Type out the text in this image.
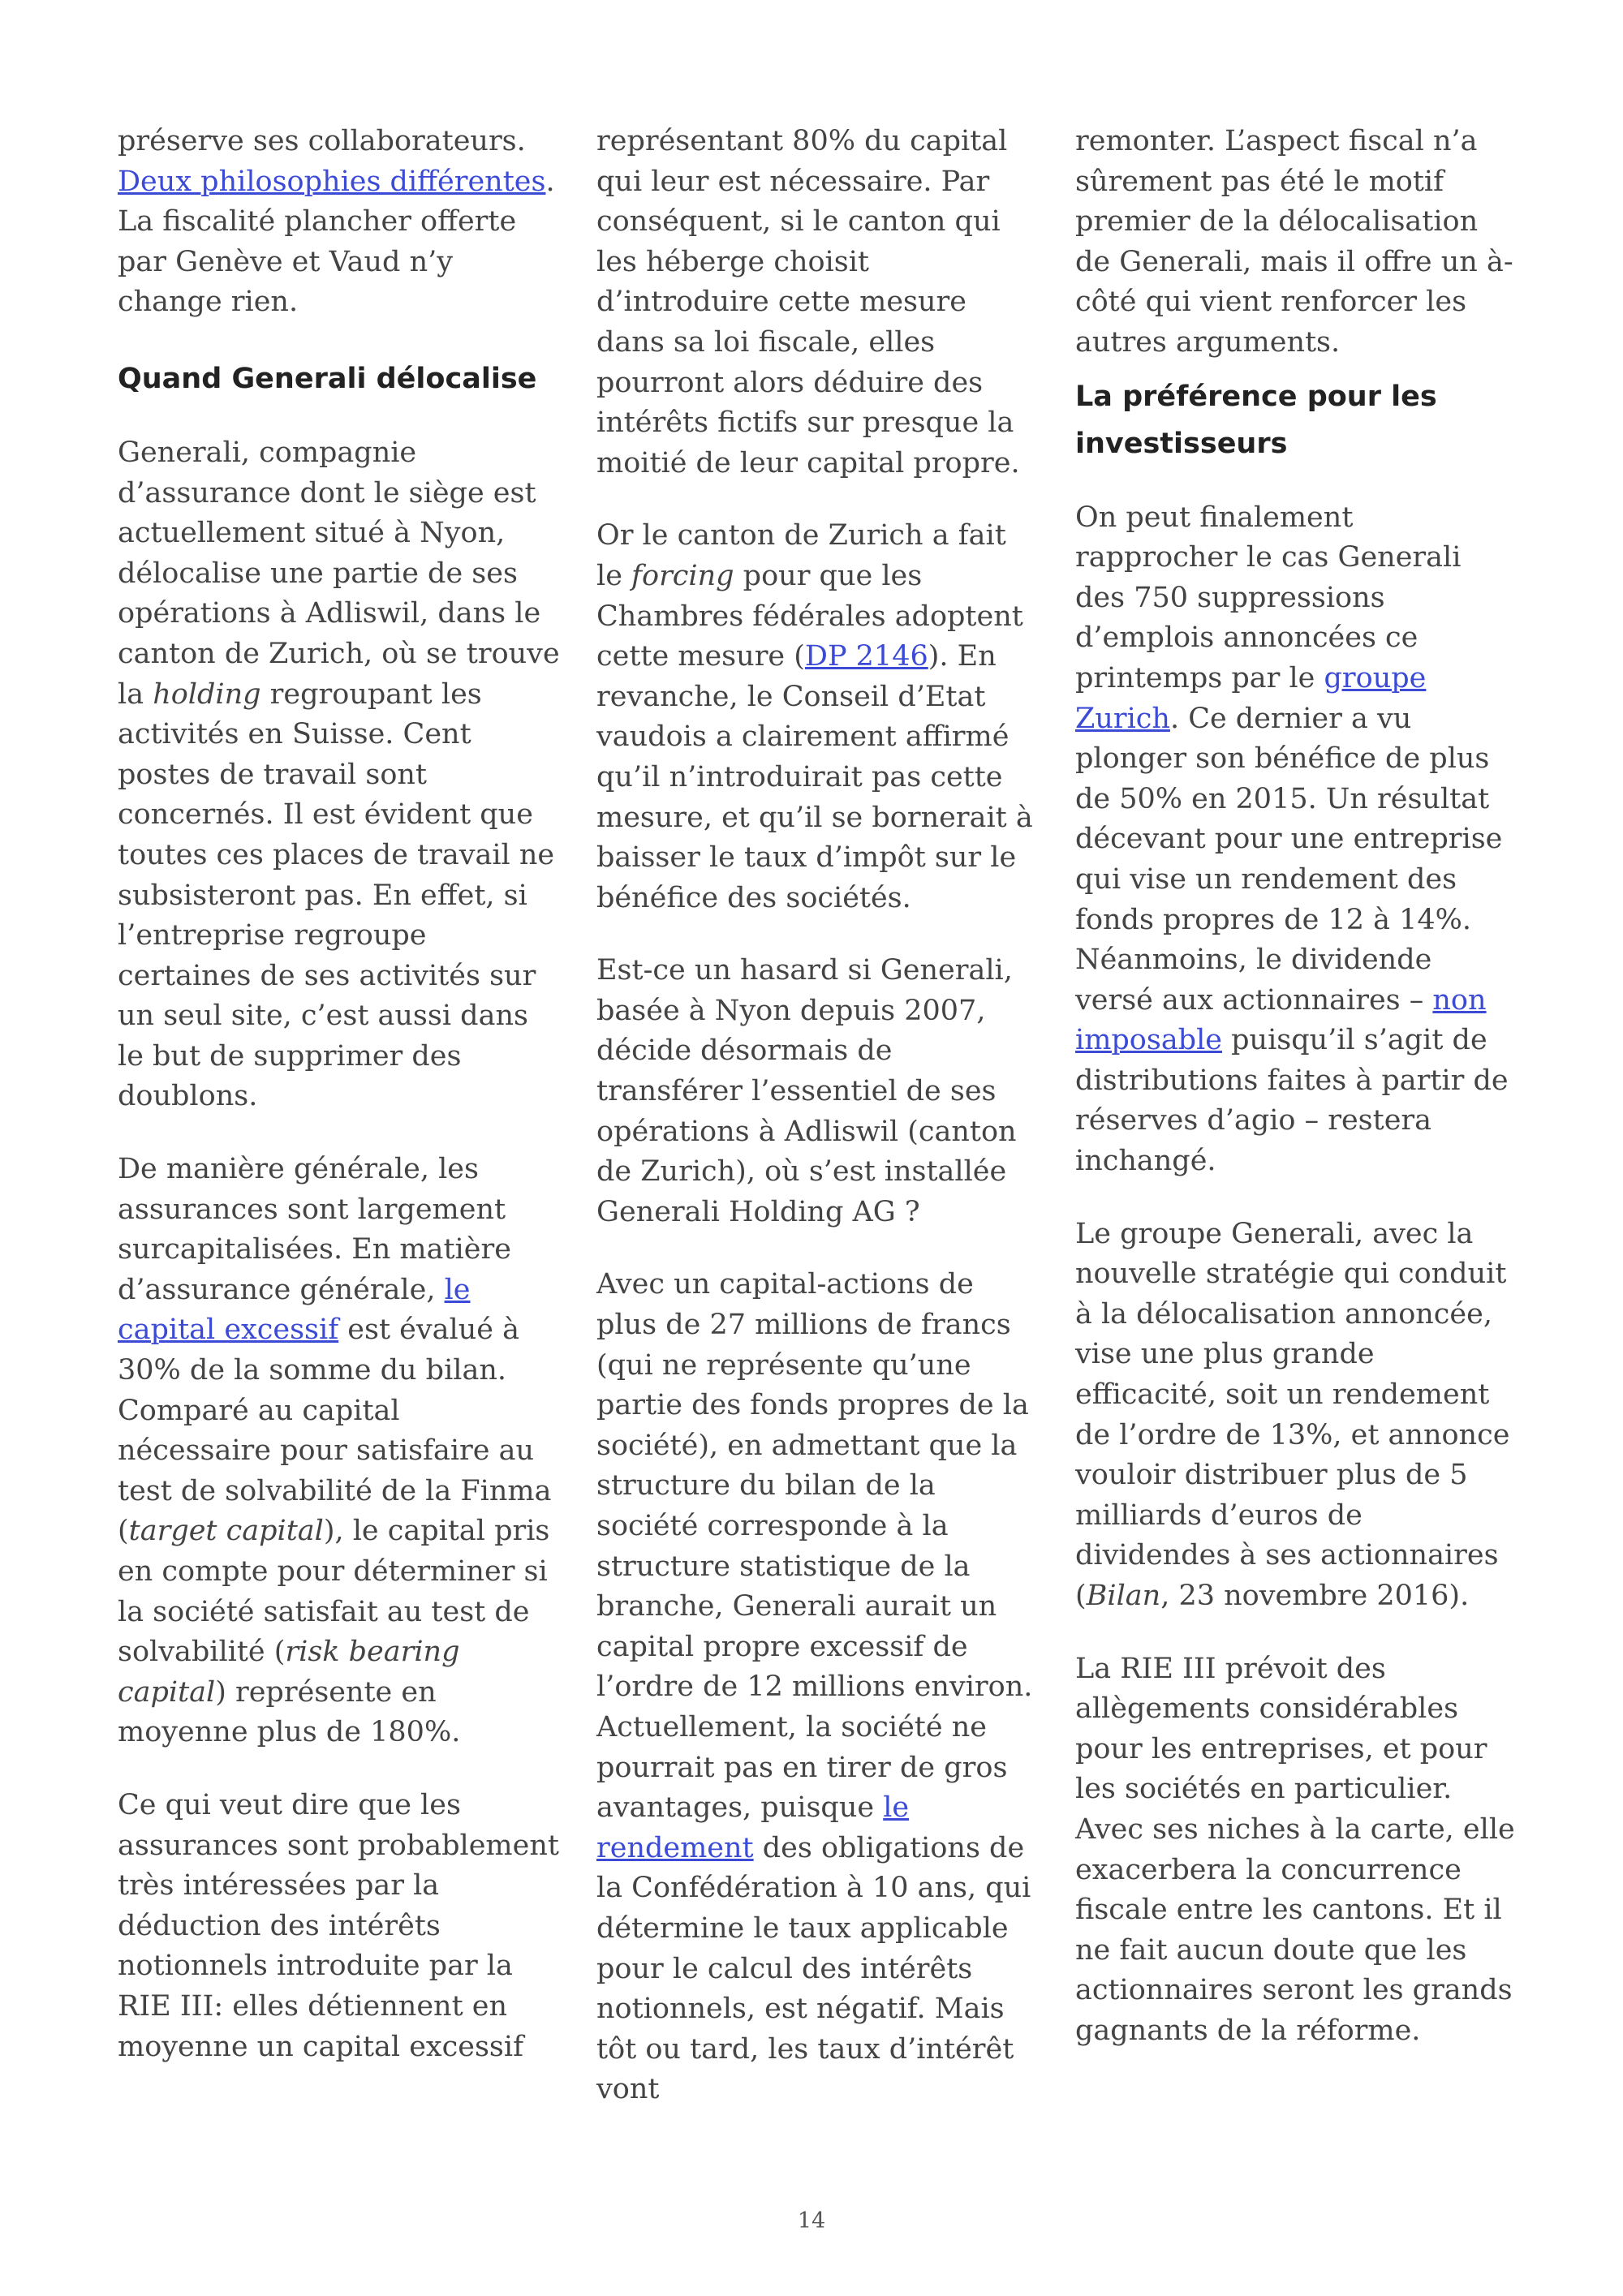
préserve ses collaborateurs. Deux philosophies différentes. La fiscalité plancher offerte par Genève et Vaud n’y change rien.

Quand Generali délocalise

Generali, compagnie d’assurance dont le siège est actuellement situé à Nyon, délocalise une partie de ses opérations à Adliswil, dans le canton de Zurich, où se trouve la holding regroupant les activités en Suisse. Cent postes de travail sont concernés. Il est évident que toutes ces places de travail ne subsisteront pas. En effet, si l’entreprise regroupe certaines de ses activités sur un seul site, c’est aussi dans le but de supprimer des doublons.

De manière générale, les assurances sont largement surcapitalisées. En matière d’assurance générale, le capital excessif est évalué à 30% de la somme du bilan. Comparé au capital nécessaire pour satisfaire au test de solvabilité de la Finma (target capital), le capital pris en compte pour déterminer si la société satisfait au test de solvabilité (risk bearing capital) représente en moyenne plus de 180%.

Ce qui veut dire que les assurances sont probablement très intéressées par la déduction des intérêts notionnels introduite par la RIE III: elles détiennent en moyenne un capital excessif

représentant 80% du capital qui leur est nécessaire. Par conséquent, si le canton qui les héberge choisit d’introduire cette mesure dans sa loi fiscale, elles pourront alors déduire des intérêts fictifs sur presque la moitié de leur capital propre.

Or le canton de Zurich a fait le forcing pour que les Chambres fédérales adoptent cette mesure (DP 2146). En revanche, le Conseil d’Etat vaudois a clairement affirmé qu’il n’introduirait pas cette mesure, et qu’il se bornerait à baisser le taux d’impôt sur le bénéfice des sociétés.

Est-ce un hasard si Generali, basée à Nyon depuis 2007, décide désormais de transférer l’essentiel de ses opérations à Adliswil (canton de Zurich), où s’est installée Generali Holding AG ?

Avec un capital-actions de plus de 27 millions de francs (qui ne représente qu’une partie des fonds propres de la société), en admettant que la structure du bilan de la société corresponde à la structure statistique de la branche, Generali aurait un capital propre excessif de l’ordre de 12 millions environ. Actuellement, la société ne pourrait pas en tirer de gros avantages, puisque le rendement des obligations de la Confédération à 10 ans, qui détermine le taux applicable pour le calcul des intérêts notionnels, est négatif. Mais tôt ou tard, les taux d’intérêt vont

remonter. L’aspect fiscal n’a sûrement pas été le motif premier de la délocalisation de Generali, mais il offre un à-côté qui vient renforcer les autres arguments.

La préférence pour les investisseurs

On peut finalement rapprocher le cas Generali des 750 suppressions d’emplois annoncées ce printemps par le groupe Zurich. Ce dernier a vu plonger son bénéfice de plus de 50% en 2015. Un résultat décevant pour une entreprise qui vise un rendement des fonds propres de 12 à 14%. Néanmoins, le dividende versé aux actionnaires – non imposable puisqu’il s’agit de distributions faites à partir de réserves d’agio – restera inchangé.

Le groupe Generali, avec la nouvelle stratégie qui conduit à la délocalisation annoncée, vise une plus grande efficacité, soit un rendement de l’ordre de 13%, et annonce vouloir distribuer plus de 5 milliards d’euros de dividendes à ses actionnaires (Bilan, 23 novembre 2016).

La RIE III prévoit des allègements considérables pour les entreprises, et pour les sociétés en particulier. Avec ses niches à la carte, elle exacerbera la concurrence fiscale entre les cantons. Et il ne fait aucun doute que les actionnaires seront les grands gagnants de la réforme.

14
